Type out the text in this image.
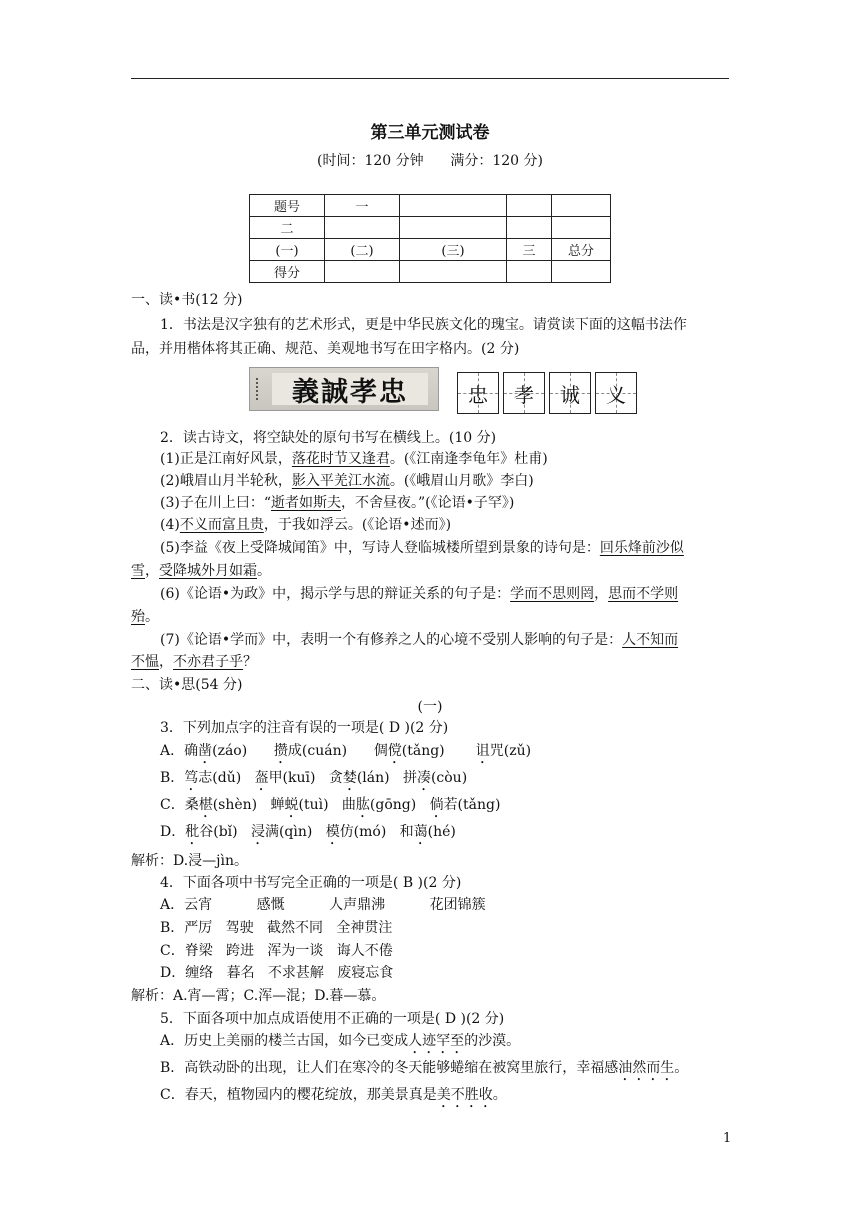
第三单元测试卷
(时间：120 分钟      满分：120 分)
题号	一			
二				
(一)	(二)	(三)	三	总分
得分				
一、读•书(12 分)
1．书法是汉字独有的艺术形式，更是中华民族文化的瑰宝。请赏读下面的这幅书法作
品，并用楷体将其正确、规范、美观地书写在田字格内。(2 分)
義誠孝忠	忠 孝 诚 义
2．读古诗文，将空缺处的原句书写在横线上。(10 分)
(1)正是江南好风景，落花时节又逢君。(《江南逢李龟年》杜甫)
(2)峨眉山月半轮秋，影入平羌江水流。(《峨眉山月歌》李白)
(3)子在川上曰：“逝者如斯夫，不舍昼夜。”(《论语•子罕》)
(4)不义而富且贵，于我如浮云。(《论语•述而》)
(5)李益《夜上受降城闻笛》中，写诗人登临城楼所望到景象的诗句是：回乐烽前沙似
雪，受降城外月如霜。
(6)《论语•为政》中，揭示学与思的辩证关系的句子是：学而不思则罔，思而不学则
殆。
(7)《论语•学而》中，表明一个有修养之人的心境不受别人影响的句子是：人不知而
不愠，不亦君子乎？
二、读•思(54 分)
(一)
3．下列加点字的注音有误的一项是( D )(2 分)
A．确凿(záo)      攒成(cuán)      倜傥(tǎng)       诅咒(zǔ)
B．笃志(dǔ)   盔甲(kuī)   贪婪(lán)   拼凑(còu)
C．桑椹(shèn)   蝉蜕(tuì)   曲肱(gōng)   倘若(tǎng)
D．秕谷(bǐ)   浸满(qìn)   模仿(mó)   和蔼(hé)
解析：D.浸—jìn。
4．下面各项中书写完全正确的一项是( B )(2 分)
A．云宵          感慨          人声鼎沸          花团锦簇
B．严厉   驾驶   截然不同   全神贯注
C．脊梁   跨进   浑为一谈   诲人不倦
D．缠络   暮名   不求甚解   废寝忘食
解析：A.宵—霄；C.浑—混；D.暮—慕。
5．下面各项中加点成语使用不正确的一项是( D )(2 分)
A．历史上美丽的楼兰古国，如今已变成人迹罕至的沙漠。
B．高铁动卧的出现，让人们在寒冷的冬天能够蜷缩在被窝里旅行，幸福感油然而生。
C．春天，植物园内的樱花绽放，那美景真是美不胜收。
1
